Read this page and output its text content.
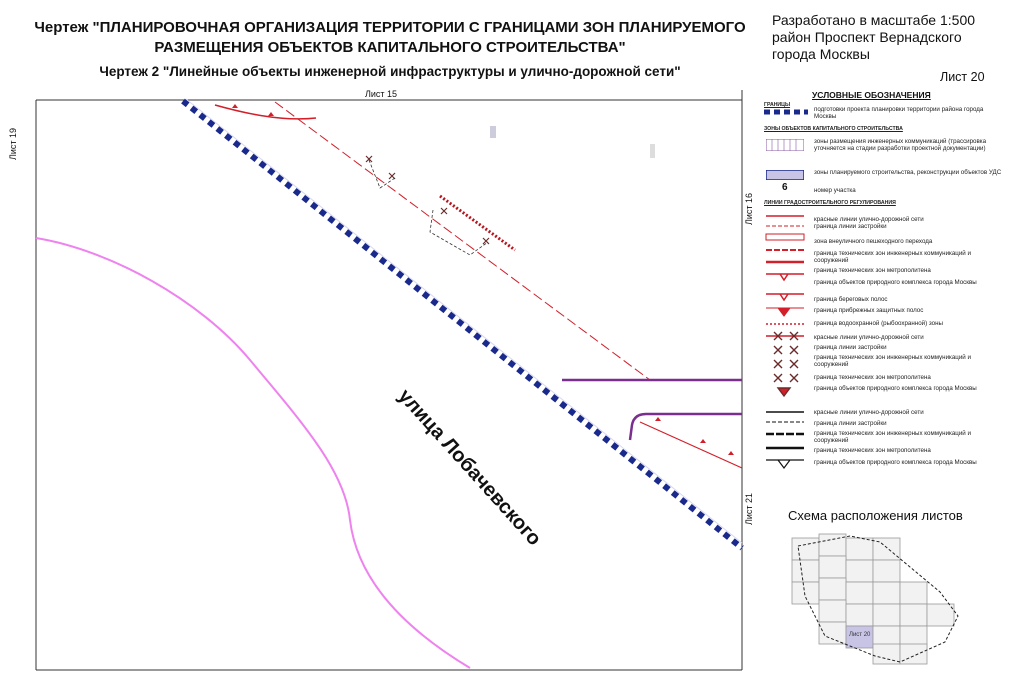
Чертеж "ПЛАНИРОВОЧНАЯ ОРГАНИЗАЦИЯ ТЕРРИТОРИИ С ГРАНИЦАМИ ЗОН ПЛАНИРУЕМОГО
РАЗМЕЩЕНИЯ ОБЪЕКТОВ КАПИТАЛЬНОГО СТРОИТЕЛЬСТВА"
Чертеж 2 "Линейные объекты инженерной инфраструктуры и улично-дорожной сети"
Разработано в масштабе 1:500
район Проспект Вернадского
города Москвы
Лист 20
Лист 15
Лист 19
Лист 16
Лист 21
улица Лобачевского
УСЛОВНЫЕ ОБОЗНАЧЕНИЯ
ГРАНИЦЫ
подготовки проекта планировки территории района города Москвы
ЗОНЫ ОБЪЕКТОВ КАПИТАЛЬНОГО СТРОИТЕЛЬСТВА
зоны размещения инженерных коммуникаций (трассировка уточняется на стадии разработки проектной документации)
зоны планируемого строительства, реконструкции объектов УДС
6	номер участка
ЛИНИИ ГРАДОСТРОИТЕЛЬНОГО РЕГУЛИРОВАНИЯ
красные линии улично-дорожной сети
граница линии застройки
зона внеуличного пешеходного перехода
граница технических зон инженерных коммуникаций и сооружений
граница технических зон метрополитена
граница объектов природного комплекса города Москвы
граница береговых полос
граница прибрежных защитных полос
граница водоохранной (рыбоохранной) зоны
красные линии улично-дорожной сети
граница линии застройки
граница технических зон инженерных коммуникаций и сооружений
граница технических зон метрополитена
граница объектов природного комплекса города Москвы
красные линии улично-дорожной сети
граница линии застройки
граница технических зон инженерных коммуникаций и сооружений
граница технических зон метрополитена
граница объектов природного комплекса города Москвы
Схема расположения листов
Лист 20
